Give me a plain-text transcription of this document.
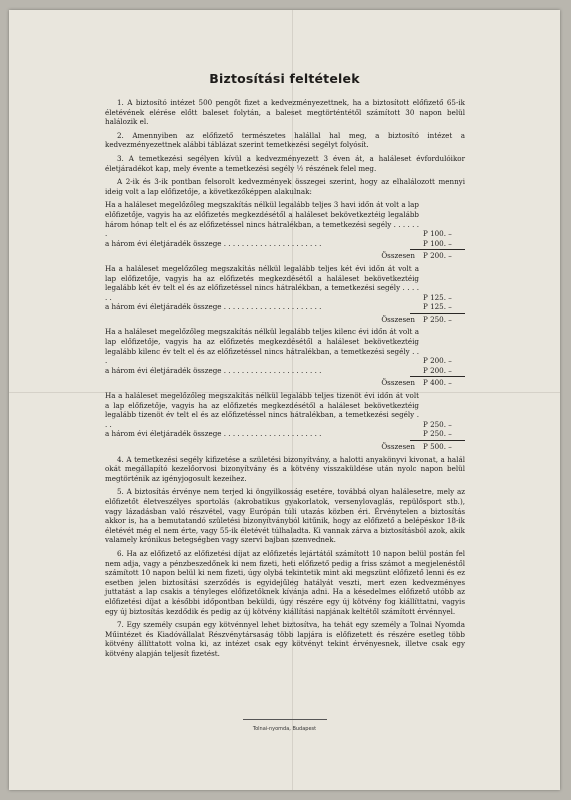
Biztosítási feltételek

1. A biztosító intézet 500 pengőt fizet a kedvezményezettnek, ha a biztosított előfizető 65-ik életévének elérése előtt baleset folytán, a baleset megtörténtétől számított 30 napon belül halálozik el.

2. Amennyiben az előfizető természetes halállal hal meg, a biztosító intézet a kedvezményezettnek alábbi táblázat szerint temetkezési segélyt folyósít.

3. A temetkezési segélyen kívül a kedvezményezett 3 éven át, a haláleset évfordulóikor életjáradékot kap, mely évente a temetkezési segély ½ részének felel meg.

A 2-ik és 3-ik pontban felsorolt kedvezmények összegei szerint, hogy az elhalálozott mennyi ideig volt a lap előfizetője, a következőképpen alakulnak:

Ha a haláleset megelőzőleg megszakítás nélkül legalább teljes 3 havi időn át volt a lap előfizetője, vagyis ha az előfizetés megkezdésétől a haláleset bekövetkeztéig legalább három hónap telt el és az előfizetéssel nincs hátralékban, a temetkezési segély . . . . . . .	P 100. –
a három évi életjáradék összege . . . . . . . . . . . . . . . . . . . . . .	P 100. –
Összesen	P 200. –
Ha a haláleset megelőzőleg megszakítás nélkül legalább teljes két évi időn át volt a lap előfizetője, vagyis ha az előfizetés megkezdésétől a haláleset bekövetkeztéig legalább két év telt el és az előfizetéssel nincs hátralékban, a temetkezési segély . . . . . .	P 125. –
a három évi életjáradék összege . . . . . . . . . . . . . . . . . . . . . .	P 125. –
Összesen	P 250. –
Ha a haláleset megelőzőleg megszakítás nélkül legalább teljes kilenc évi időn át volt a lap előfizetője, vagyis ha az előfizetés megkezdésétől a haláleset bekövetkeztéig legalább kilenc év telt el és az előfizetéssel nincs hátralékban, a temetkezési segély . . .	P 200. –
a három évi életjáradék összege . . . . . . . . . . . . . . . . . . . . . .	P 200. –
Összesen	P 400. –
Ha a haláleset megelőzőleg megszakítás nélkül legalább teljes tizenöt évi időn át volt a lap előfizetője, vagyis ha az előfizetés megkezdésétől a haláleset bekövetkeztéig legalább tizenöt év telt el és az előfizetéssel nincs hátralékban, a temetkezési segély . . .	P 250. –
a három évi életjáradék összege . . . . . . . . . . . . . . . . . . . . . .	P 250. –
Összesen	P 500. –

4. A temetkezési segély kifizetése a születési bizonyítvány, a halotti anyakönyvi kivonat, a halál okát megállapító kezelőorvosi bizonyítvány és a kötvény visszaküldése után nyolc napon belül megtörténik az igényjogosult kezeihez.

5. A biztosítás érvénye nem terjed ki öngyilkosság esetére, továbbá olyan halálesetre, mely az előfizetőt életveszélyes sportolás (akrobatikus gyakorlatok, versenylovaglás, repülősport stb.), vagy lázadásban való részvétel, vagy Európán túli utazás közben éri. Érvénytelen a biztosítás akkor is, ha a bemutatandó születési bizonyítványból kitűnik, hogy az előfizető a belépéskor 18-ik életévét még el nem érte, vagy 55-ik életévét túlhaladta. Ki vannak zárva a biztosításból azok, akik valamely krónikus betegségben vagy szervi bajban szenvednek.

6. Ha az előfizető az előfizetési díjat az előfizetés lejártától számított 10 napon belül postán fel nem adja, vagy a pénzbeszedőnek ki nem fizeti, heti előfizető pedig a friss számot a megjelenéstől számított 10 napon belül ki nem fizeti, úgy olybá tekintetik mint aki megszünt előfizető lenni és ez esetben jelen biztosítási szerződés is egyidejűleg hatályát veszti, mert ezen kedvezményes juttatást a lap csakis a tényleges előfizetőknek kívánja adni. Ha a késedelmes előfizető utóbb az előfizetési díjat a későbbi időpontban beküldi, úgy részére egy új kötvény fog kiállíttatni, vagyis egy új biztosítás kezdődik és pedig az új kötvény kiállítási napjának keltétől számított érvénnyel.

7. Egy személy csupán egy kötvénnyel lehet biztosítva, ha tehát egy személy a Tolnai Nyomda Műintézet és Kiadóvállalat Részvénytársaság több lapjára is előfizetett és részére esetleg több kötvény állíttatott volna ki, az intézet csak egy kötvényt tekint érvényesnek, illetve csak egy kötvény alapján teljesít fizetést.

Tolnai-nyomda, Budapest
